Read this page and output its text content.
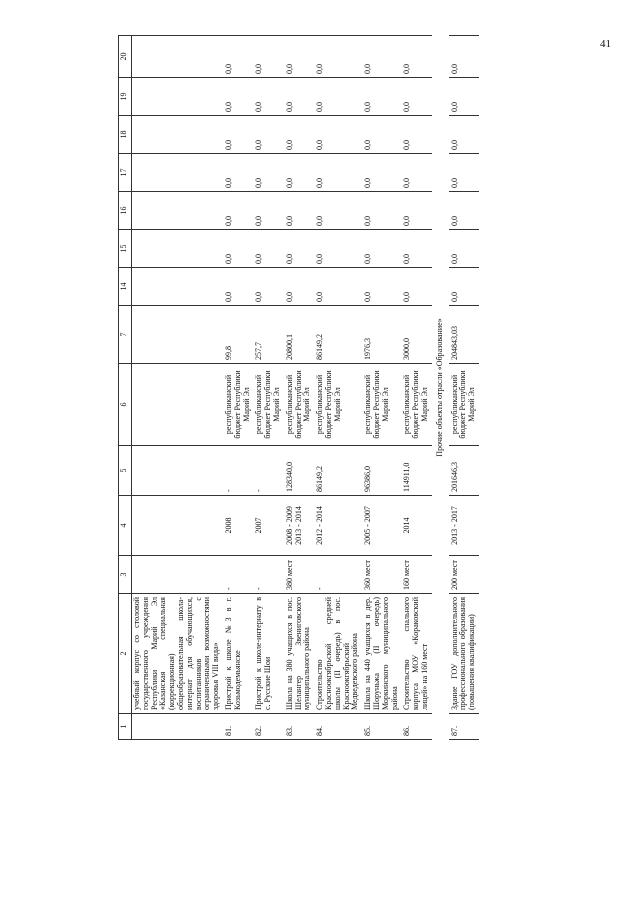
41
1	2	3	4	5	6	7	14	15	16	17	18	19	20
	учебный корпус со столовой государственного учреждения Республики Марий Эл «Казанская специальная (коррекционная) общеобразовательная школа-интернат для обучающихся, воспитанников с ограниченными возможностями здоровья VIII вида»												
81.	Пристрой к школе №3 в г. Козьмодемьянске	-	2008	-	республиканский бюджет Республики Марий Эл	99,8	0,0	0,0	0,0	0,0	0,0	0,0	0,0
82.	Пристрой к школе-интернату в с. Русские Шои	-	2007	-	республиканский бюджет Республики Марий Эл	257,7	0,0	0,0	0,0	0,0	0,0	0,0	0,0
83.	Школа на 380 учащихся в пос. Шелангер Звениговского муниципального района	380 мест	2008 - 2009 2013 - 2014	128340,0	республиканский бюджет Республики Марий Эл	20800,1	0,0	0,0	0,0	0,0	0,0	0,0	0,0
84.	Строительство Красноокгябрьской средней школы (II очередь) в пос. Красноокгябрьский Медведевского района	-	2012 - 2014	86149,2	республиканский бюджет Республики Марий Эл	86149,2	0,0	0,0	0,0	0,0	0,0	0,0	0,0
85.	Школа на 440 учащихся в дер. Шоруньжа (II очередь) Моркинского муниципального района	360 мест	2005 - 2007	96386,0	республиканский бюджет Республики Марий Эл	1976,3	0,0	0,0	0,0	0,0	0,0	0,0	0,0
86.	Строительство спального корпуса МОУ «Кораковский лицей» на 160 мест	160 мест	2014	114911,0	республиканский бюджет Республики Марий Эл	3000,0	0,0	0,0	0,0	0,0	0,0	0,0	0,0
Прочие объекты отрасли «Образование»													
87.	Здание ГОУ дополнительного профессионального образования (повышения квалификации)	200 мест	2013 - 2017	201646,3	республиканский бюджет Республики Марий Эл	204843,03	0,0	0,0	0,0	0,0	0,0	0,0	0,0
